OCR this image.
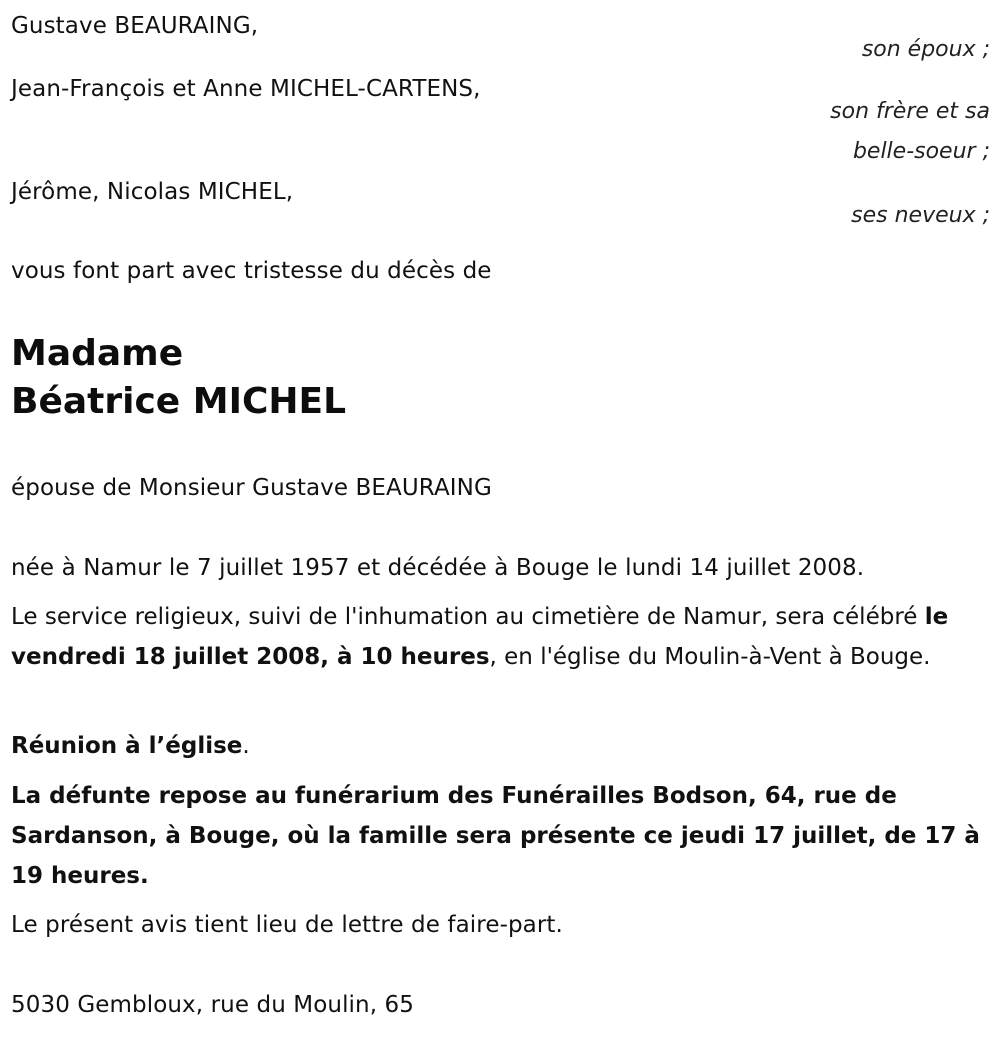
Gustave BEAURAING,
son époux ;
Jean-François et Anne MICHEL-CARTENS,
son frère et sa
belle-soeur ;
Jérôme, Nicolas MICHEL,
ses neveux ;
vous font part avec tristesse du décès de
Madame
Béatrice MICHEL
épouse de Monsieur Gustave BEAURAING
née à Namur le 7 juillet 1957 et décédée à Bouge le lundi 14 juillet 2008.
Le service religieux, suivi de l'inhumation au cimetière de Namur, sera célébré le vendredi 18 juillet 2008, à 10 heures, en l'église du Moulin-à-Vent à Bouge.
Réunion à l’église.
La défunte repose au funérarium des Funérailles Bodson, 64, rue de Sardanson, à Bouge, où la famille sera présente ce jeudi 17 juillet, de 17 à 19 heures.
Le présent avis tient lieu de lettre de faire-part.
5030 Gembloux, rue du Moulin, 65
